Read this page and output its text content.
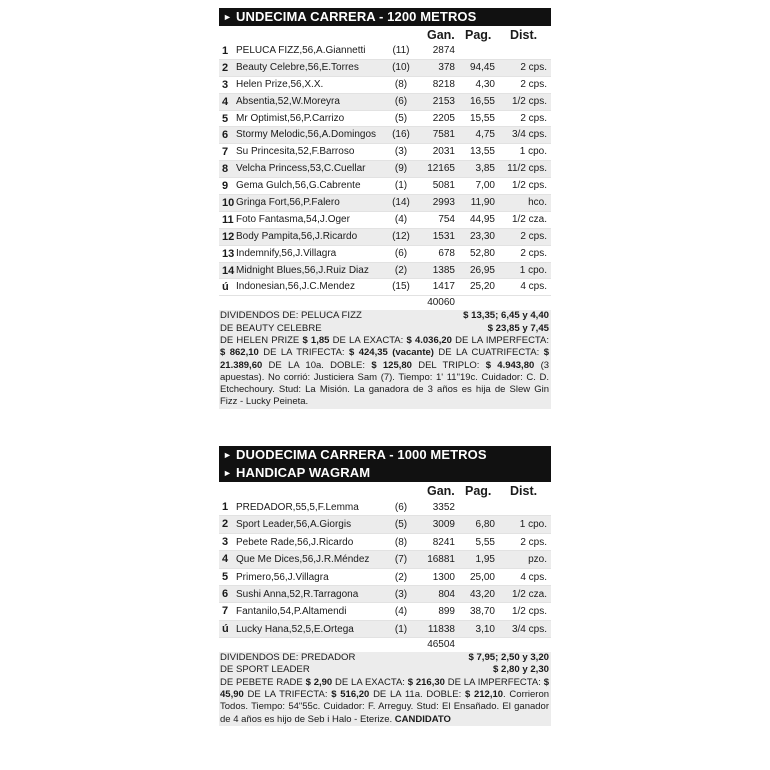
► UNDECIMA CARRERA - 1200 METROS
Gan. Pag. Dist.
1 PELUCA FIZZ,56,A.Giannetti	(11)	2874
2 Beauty Celebre,56,E.Torres	(10)	378	94,45	2 cps.
3 Helen Prize,56,X.X.	(8)	8218	4,30	2 cps.
4 Absentia,52,W.Moreyra	(6)	2153	16,55	1/2 cps.
5 Mr Optimist,56,P.Carrizo	(5)	2205	15,55	2 cps.
6 Stormy Melodic,56,A.Domingos (16)	7581	4,75	3/4 cps.
7 Su Princesita,52,F.Barroso	(3)	2031	13,55	1 cpo.
8 Velcha Princess,53,C.Cuellar	(9)	12165	3,85	11/2 cps.
9 Gema Gulch,56,G.Cabrente	(1)	5081	7,00	1/2 cps.
10 Gringa Fort,56,P.Falero	(14)	2993	11,90	hco.
11 Foto Fantasma,54,J.Oger	(4)	754	44,95	1/2 cza.
12 Body Pampita,56,J.Ricardo	(12)	1531	23,30	2 cps.
13 Indemnify,56,J.Villagra	(6)	678	52,80	2 cps.
14 Midnight Blues,56,J.Ruiz Diaz	(2)	1385	26,95	1 cpo.
ú Indonesian,56,J.C.Mendez	(15)	1417	25,20	4 cps.
40060
DIVIDENDOS DE: PELUCA FIZZ	$ 13,35; 6,45 y 4,40
DE BEAUTY CELEBRE	$ 23,85 y 7,45
DE HELEN PRIZE $ 1,85 DE LA EXACTA: $ 4.036,20 DE LA IMPERFECTA: $ 862,10 DE LA TRIFECTA: $ 424,35 (vacante) DE LA CUATRIFECTA: $ 21.389,60 DE LA 10a. DOBLE: $ 125,80 DEL TRIPLO: $ 4.943,80 (3 apuestas). No corrió: Justiciera Sam (7). Tiempo: 1' 11"19c. Cuidador: C. D. Etchechoury. Stud: La Misión. La ganadora de 3 años es hija de Slew Gin Fizz - Lucky Peineta.
► DUODECIMA CARRERA - 1000 METROS
► HANDICAP WAGRAM
Gan. Pag. Dist.
1 PREDADOR,55,5,F.Lemma	(6)	3352
2 Sport Leader,56,A.Giorgis	(5)	3009	6,80	1 cpo.
3 Pebete Rade,56,J.Ricardo	(8)	8241	5,55	2 cps.
4 Que Me Dices,56,J.R.Méndez	(7)	16881	1,95	pzo.
5 Primero,56,J.Villagra	(2)	1300	25,00	4 cps.
6 Sushi Anna,52,R.Tarragona	(3)	804	43,20	1/2 cza.
7 Fantanilo,54,P.Altamendi	(4)	899	38,70	1/2 cps.
ú Lucky Hana,52,5,E.Ortega	(1)	11838	3,10	3/4 cps.
46504
DIVIDENDOS DE: PREDADOR	$ 7,95; 2,50 y 3,20
DE SPORT LEADER	$ 2,80 y 2,30
DE PEBETE RADE $ 2,90 DE LA EXACTA: $ 216,30 DE LA IMPERFECTA: $ 45,90 DE LA TRIFECTA: $ 516,20 DE LA 11a. DOBLE: $ 212,10. Corrieron Todos. Tiempo: 54"55c. Cuidador: F. Arreguy. Stud: El Ensañado. El ganador de 4 años es hijo de Seb i Halo - Eterize. CANDIDATO
